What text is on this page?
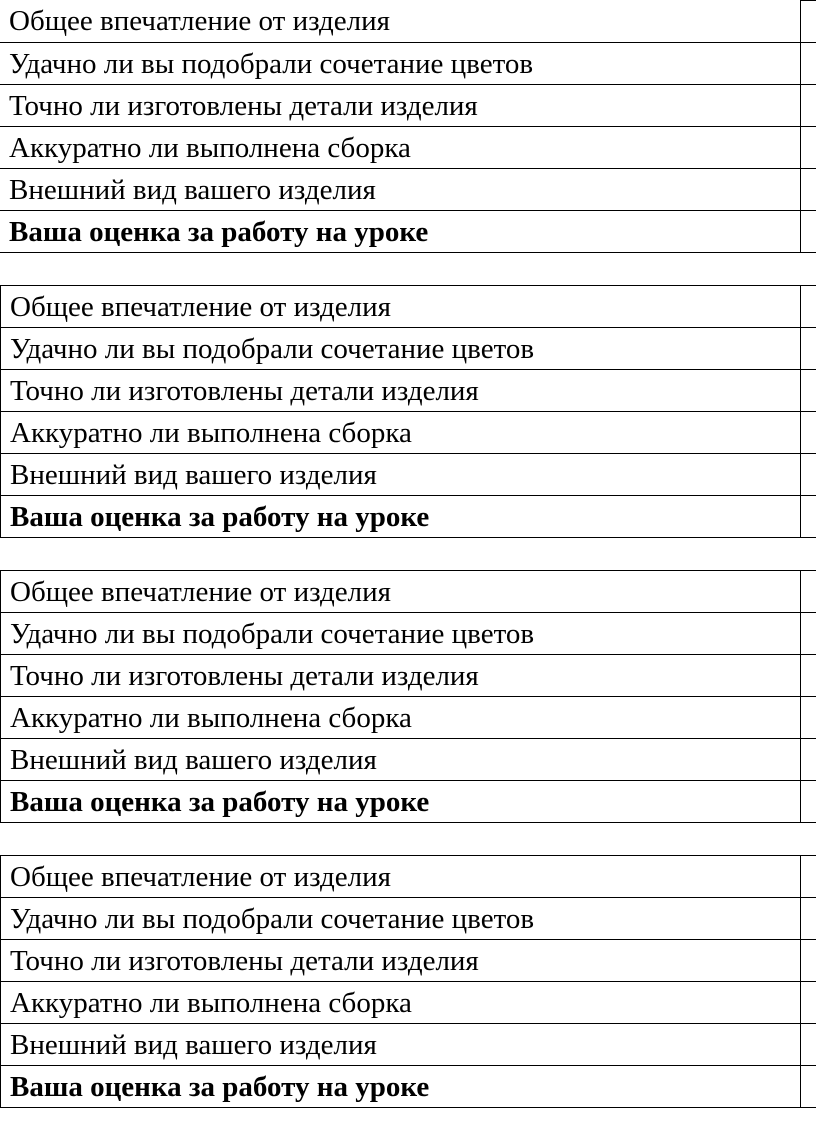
Общее впечатление от изделия	
Удачно ли вы подобрали сочетание цветов	
Точно ли изготовлены детали изделия	
Аккуратно ли выполнена сборка	
Внешний вид вашего изделия	
Ваша оценка за работу на уроке	
Общее впечатление от изделия	
Удачно ли вы подобрали сочетание цветов	
Точно ли изготовлены детали изделия	
Аккуратно ли выполнена сборка	
Внешний вид вашего изделия	
Ваша оценка за работу на уроке	
Общее впечатление от изделия	
Удачно ли вы подобрали сочетание цветов	
Точно ли изготовлены детали изделия	
Аккуратно ли выполнена сборка	
Внешний вид вашего изделия	
Ваша оценка за работу на уроке	
Общее впечатление от изделия	
Удачно ли вы подобрали сочетание цветов	
Точно ли изготовлены детали изделия	
Аккуратно ли выполнена сборка	
Внешний вид вашего изделия	
Ваша оценка за работу на уроке	
